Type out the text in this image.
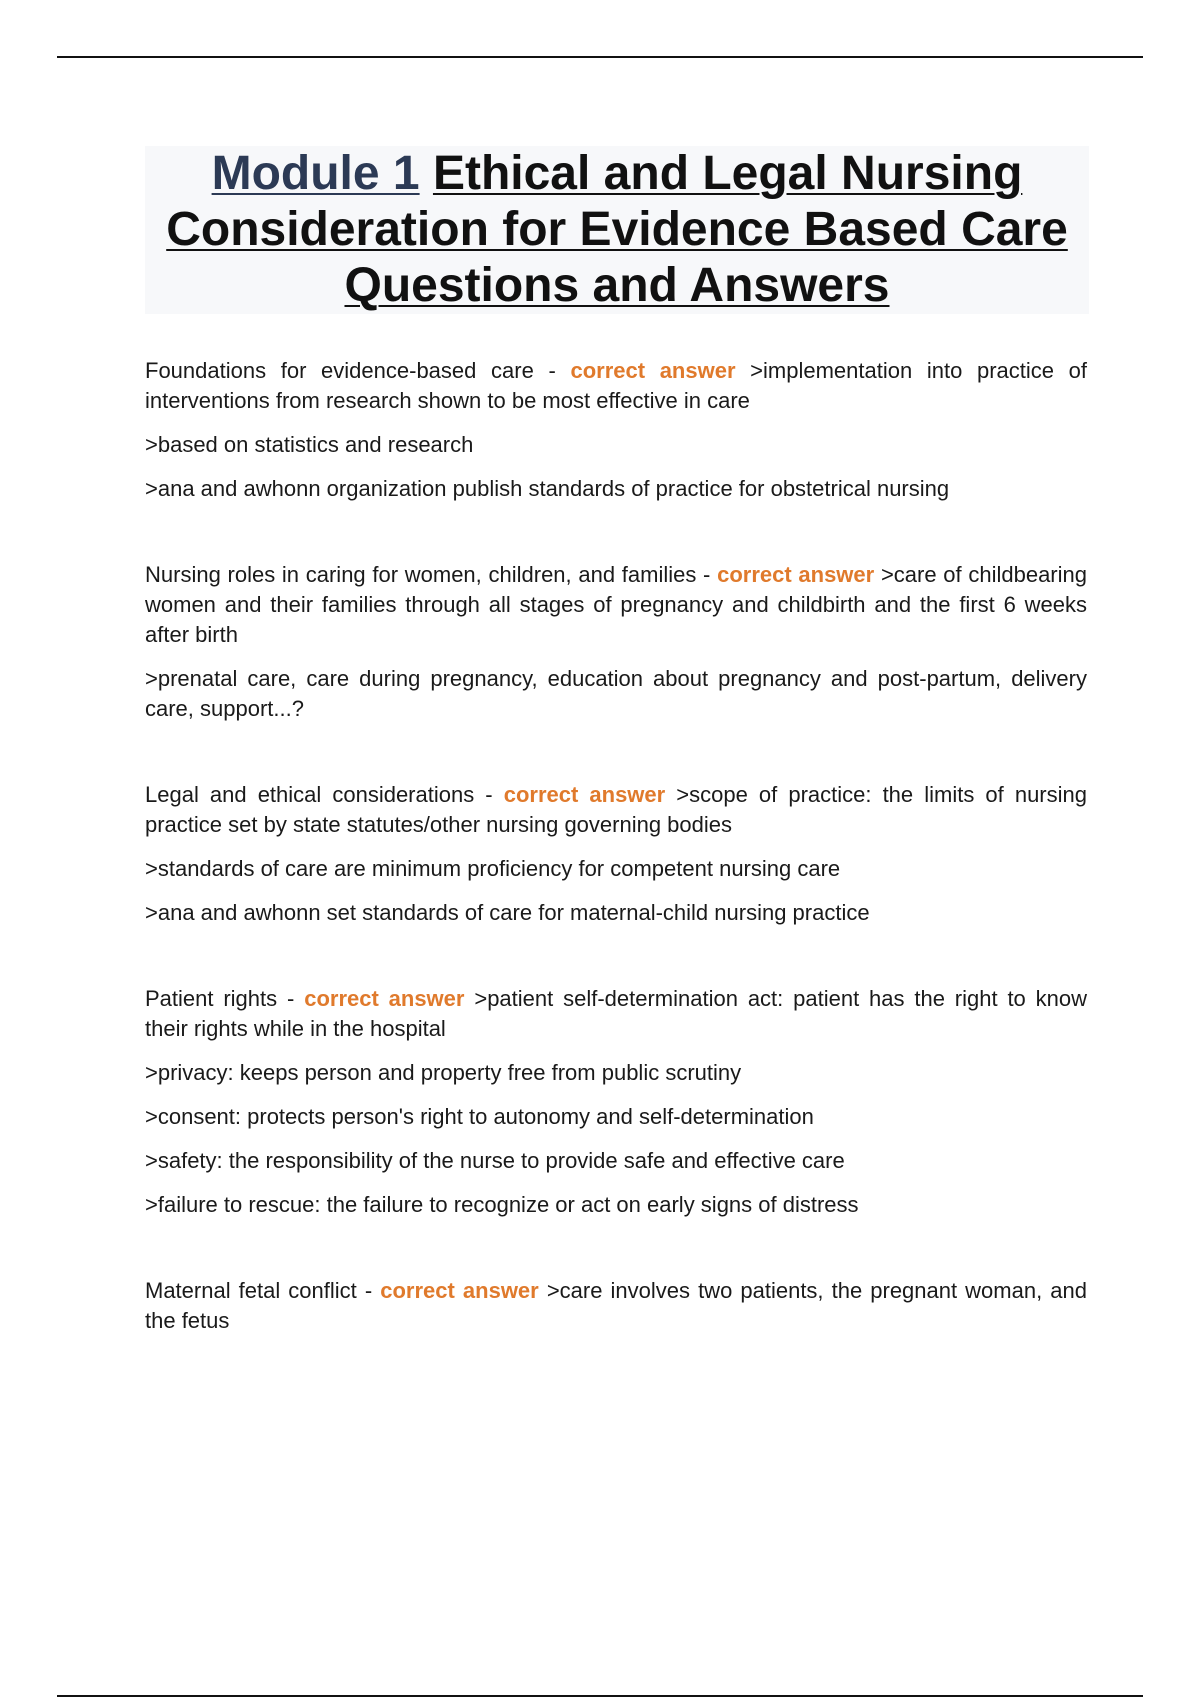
Module 1 Ethical and Legal Nursing Consideration for Evidence Based Care Questions and Answers

Foundations for evidence-based care - correct answer >implementation into practice of interventions from research shown to be most effective in care

>based on statistics and research

>ana and awhonn organization publish standards of practice for obstetrical nursing

Nursing roles in caring for women, children, and families - correct answer >care of childbearing women and their families through all stages of pregnancy and childbirth and the first 6 weeks after birth

>prenatal care, care during pregnancy, education about pregnancy and post-partum, delivery care, support...?

Legal and ethical considerations - correct answer >scope of practice: the limits of nursing practice set by state statutes/other nursing governing bodies

>standards of care are minimum proficiency for competent nursing care

>ana and awhonn set standards of care for maternal-child nursing practice

Patient rights - correct answer >patient self-determination act: patient has the right to know their rights while in the hospital

>privacy: keeps person and property free from public scrutiny

>consent: protects person's right to autonomy and self-determination

>safety: the responsibility of the nurse to provide safe and effective care

>failure to rescue: the failure to recognize or act on early signs of distress

Maternal fetal conflict - correct answer >care involves two patients, the pregnant woman, and the fetus
